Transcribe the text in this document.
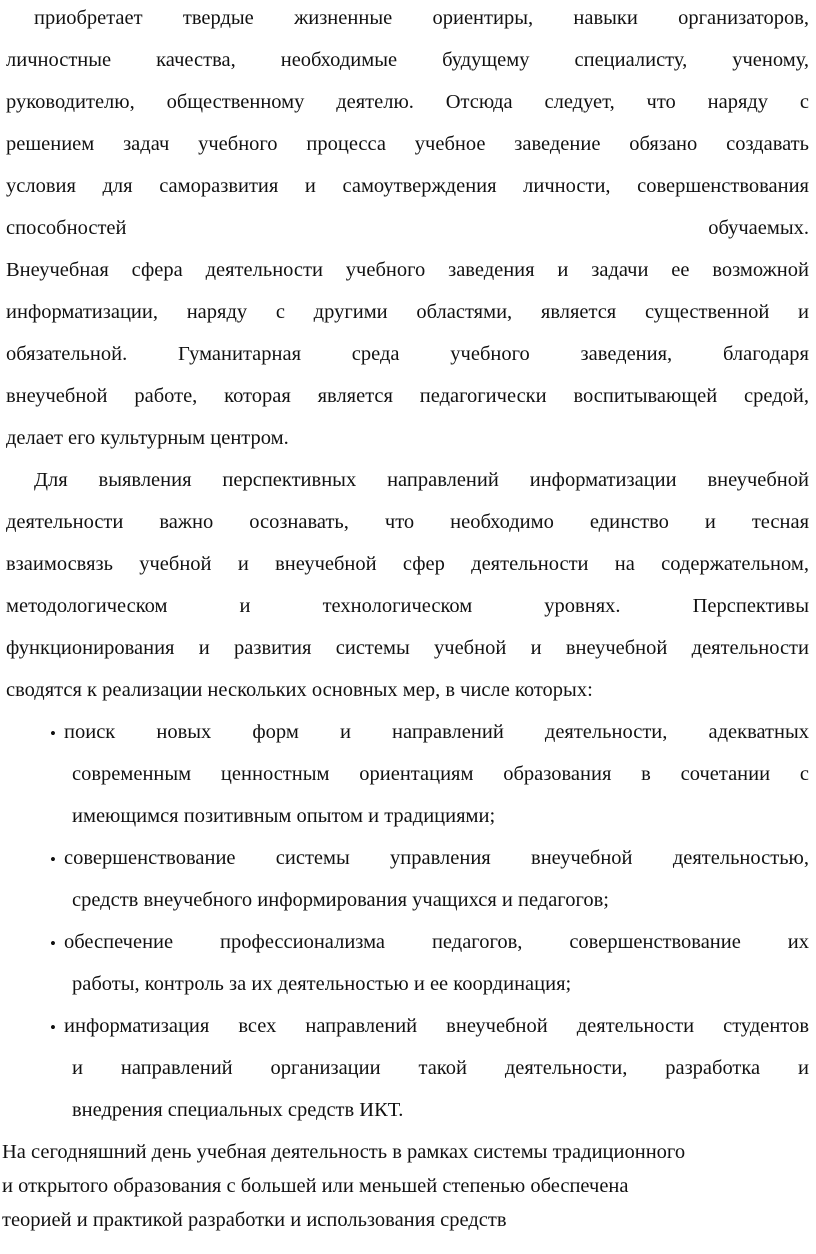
приобретает твердые жизненные ориентиры, навыки организаторов,
личностные качества, необходимые будущему специалисту, ученому,
руководителю, общественному деятелю. Отсюда следует, что наряду с
решением задач учебного процесса учебное заведение обязано создавать
условия для саморазвития и самоутверждения личности, совершенствования
способностей обучаемых.
Внеучебная сфера деятельности учебного заведения и задачи ее возможной
информатизации, наряду с другими областями, является существенной и
обязательной. Гуманитарная среда учебного заведения, благодаря
внеучебной работе, которая является педагогически воспитывающей средой,
делает его культурным центром.
Для выявления перспективных направлений информатизации внеучебной
деятельности важно осознавать, что необходимо единство и тесная
взаимосвязь учебной и внеучебной сфер деятельности на содержательном,
методологическом и технологическом уровнях. Перспективы
функционирования и развития системы учебной и внеучебной деятельности
сводятся к реализации нескольких основных мер, в числе которых:
• поиск новых форм и направлений деятельности, адекватных
современным ценностным ориентациям образования в сочетании с
имеющимся позитивным опытом и традициями;
• совершенствование системы управления внеучебной деятельностью,
средств внеучебного информирования учащихся и педагогов;
• обеспечение профессионализма педагогов, совершенствование их
работы, контроль за их деятельностью и ее координация;
• информатизация всех направлений внеучебной деятельности студентов
и направлений организации такой деятельности, разработка и
внедрения специальных средств ИКТ.
На сегодняшний день учебная деятельность в рамках системы традиционного
и открытого образования с большей или меньшей степенью обеспечена
теорией и практикой разработки и использования средств
